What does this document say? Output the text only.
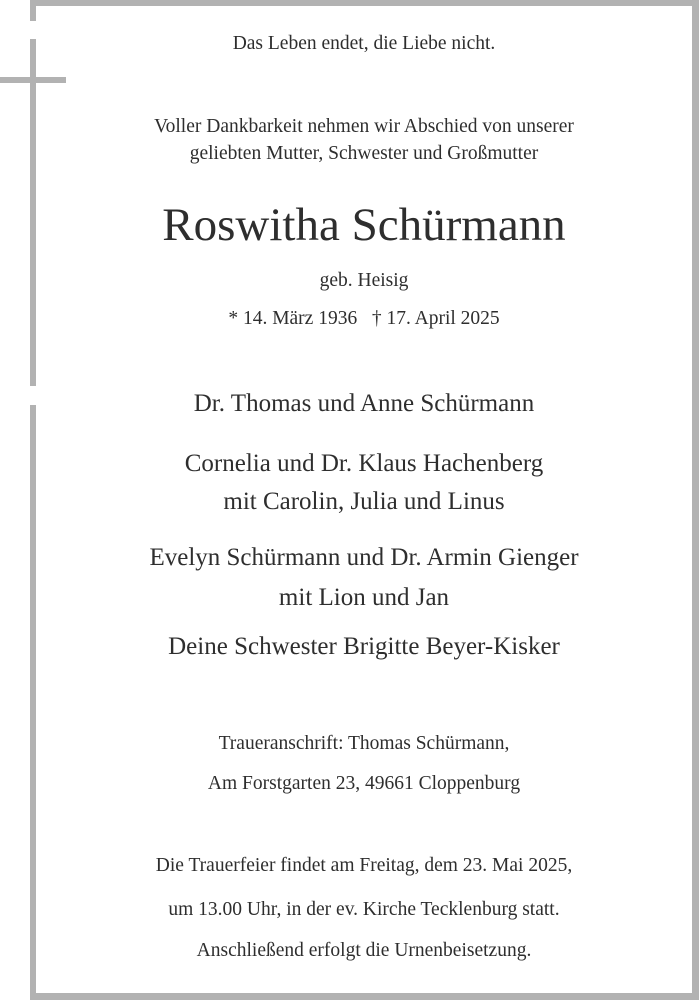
Das Leben endet, die Liebe nicht.
Voller Dankbarkeit nehmen wir Abschied von unserer
geliebten Mutter, Schwester und Großmutter
Roswitha Schürmann
geb. Heisig
* 14. März 1936   † 17. April 2025
Dr. Thomas und Anne Schürmann
Cornelia und Dr. Klaus Hachenberg
mit Carolin, Julia und Linus
Evelyn Schürmann und Dr. Armin Gienger
mit Lion und Jan
Deine Schwester Brigitte Beyer-Kisker
Traueranschrift: Thomas Schürmann,
Am Forstgarten 23, 49661 Cloppenburg
Die Trauerfeier findet am Freitag, dem 23. Mai 2025,
um 13.00 Uhr, in der ev. Kirche Tecklenburg statt.
Anschließend erfolgt die Urnenbeisetzung.
